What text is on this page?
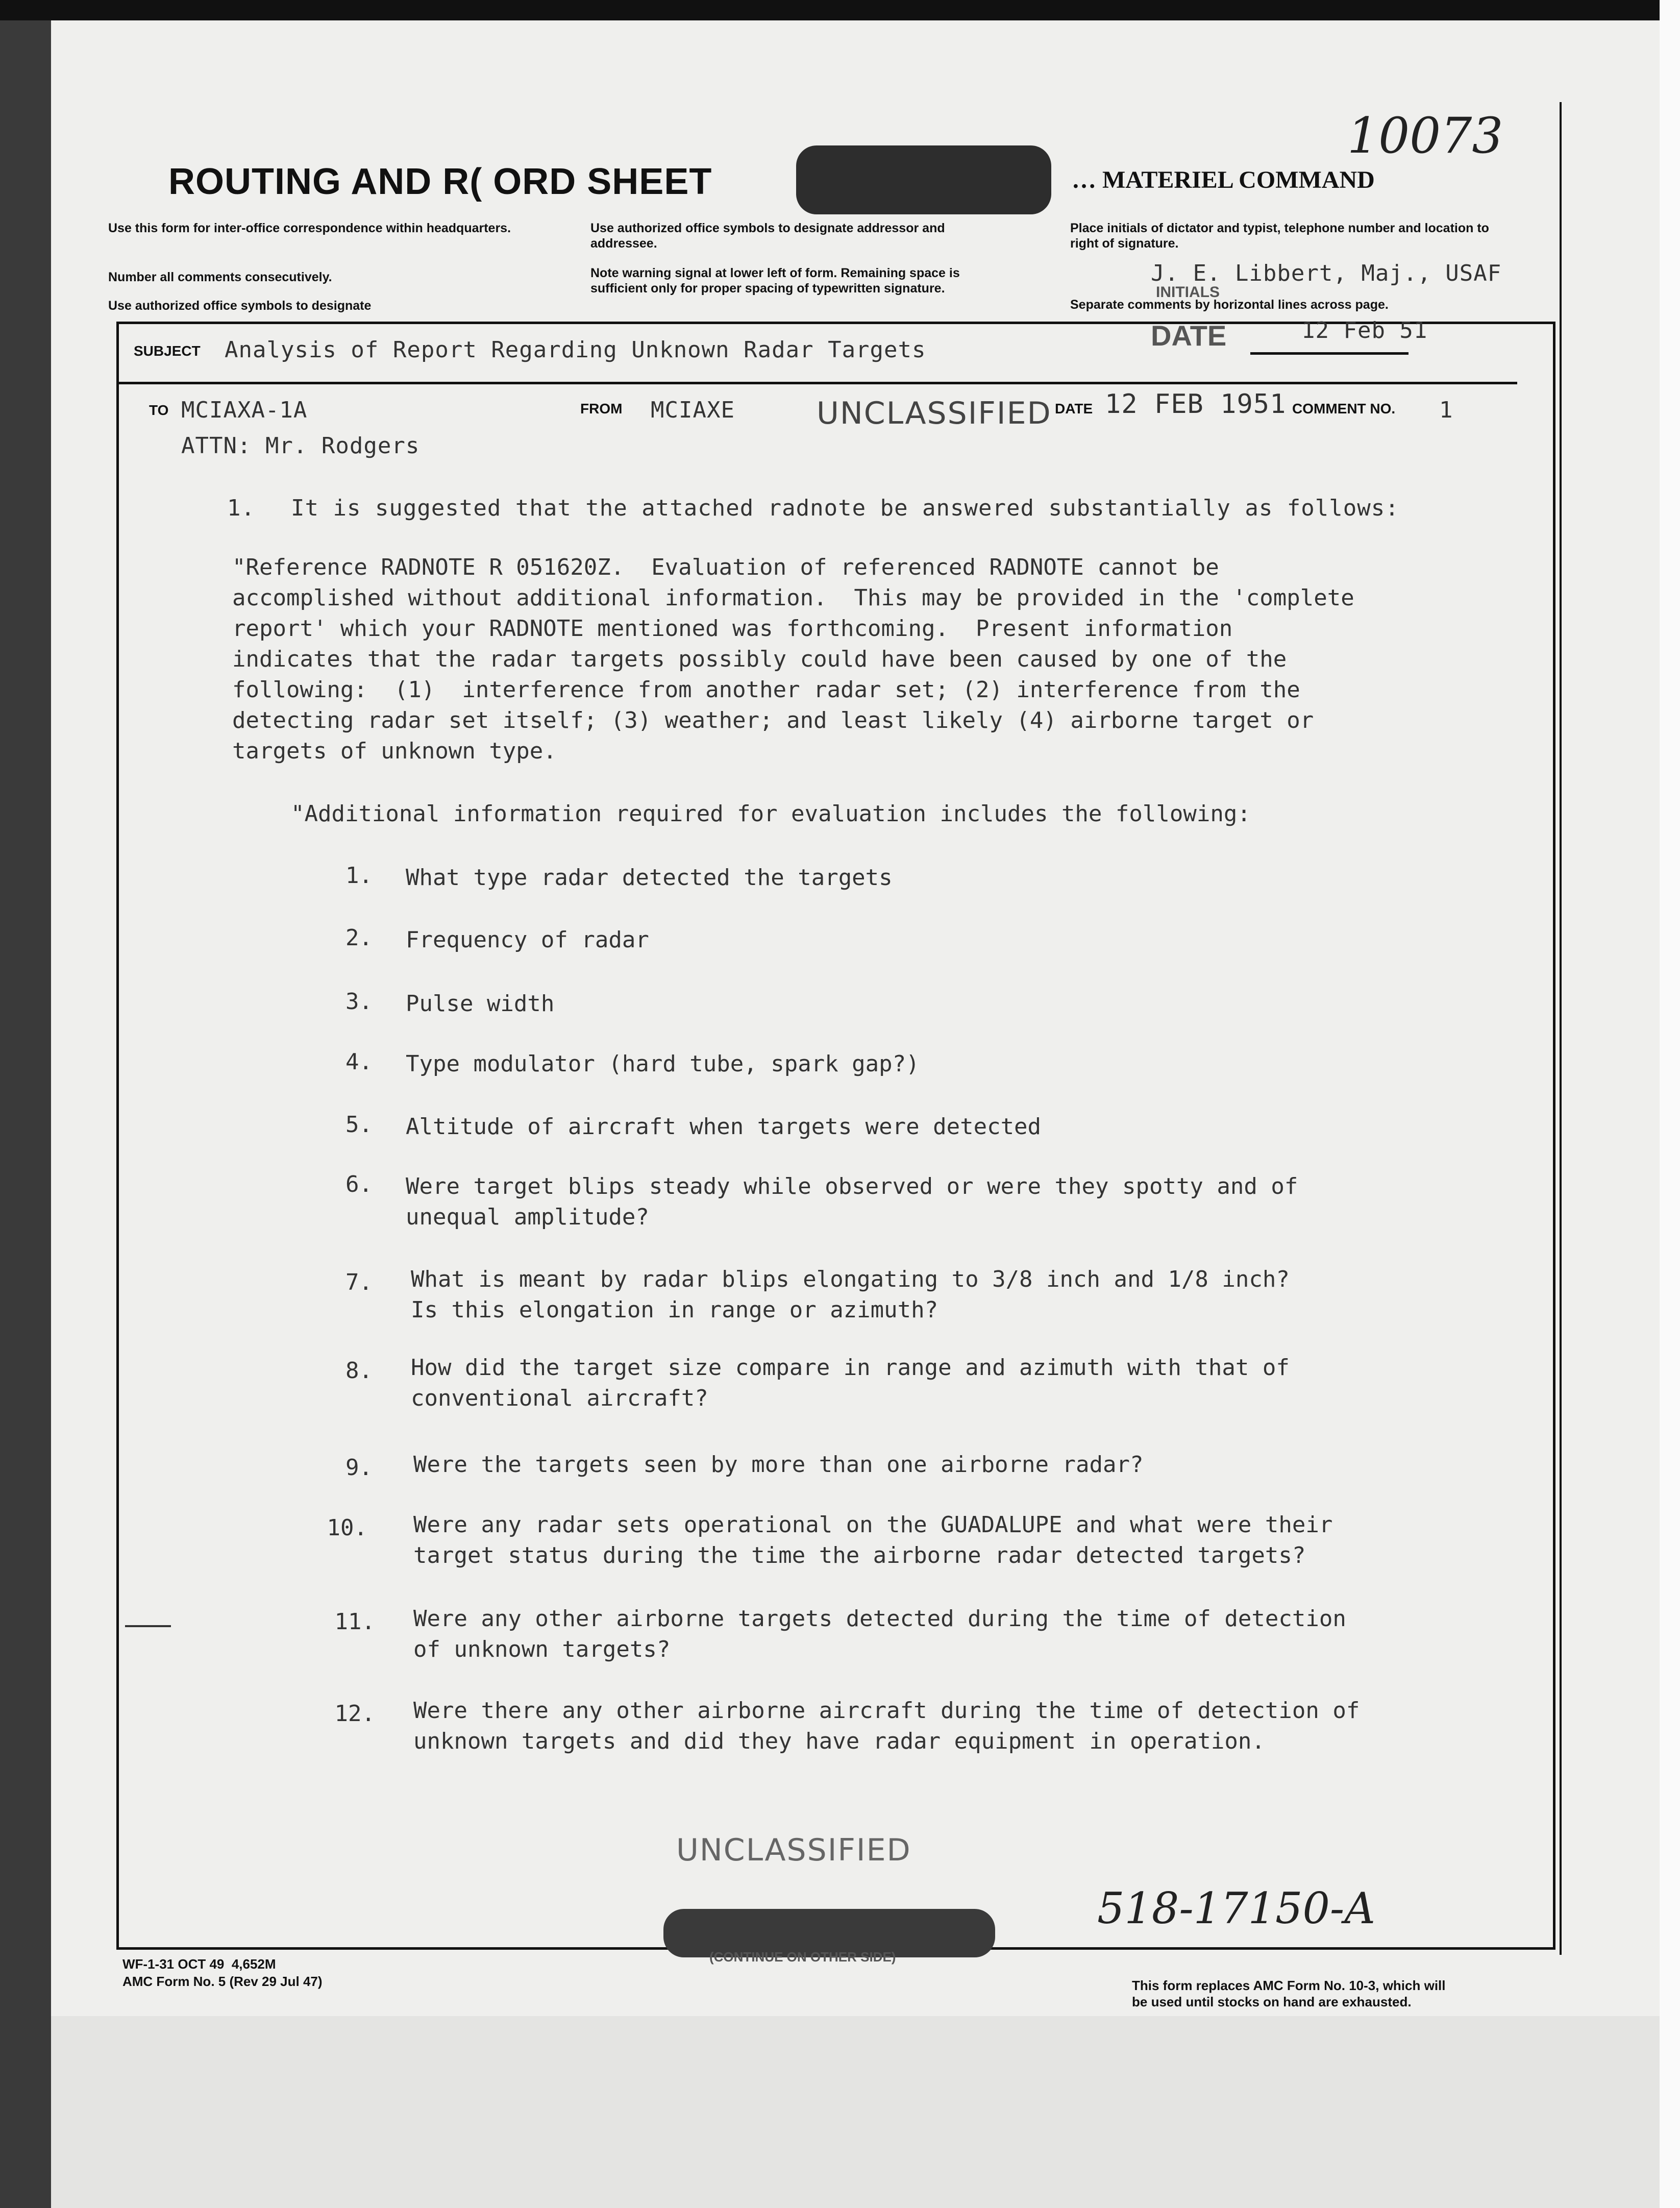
ROUTING AND R( ORD SHEET	… MATERIEL COMMAND
10073
Use this form for inter-office correspondence within headquarters.
Number all comments consecutively.
Use authorized office symbols to designate
Use authorized office symbols to designate addressor and addressee.
Note warning signal at lower left of form. Remaining space is sufficient only for proper spacing of typewritten signature.
Place initials of dictator and typist, telephone number and location to right of signature.
J. E. Libbert, Maj., USAF
INITIALS
Separate comments by horizontal lines across page.
DATE	12 Feb 51
SUBJECT Analysis of Report Regarding Unknown Radar Targets
TO MCIAXA-1A
ATTN: Mr. Rodgers
FROM MCIAXE	UNCLASSIFIED DATE 12 FEB 1951 COMMENT NO. 1
1. It is suggested that the attached radnote be answered substantially as follows:
"Reference RADNOTE R 051620Z.  Evaluation of referenced RADNOTE cannot be
accomplished without additional information.  This may be provided in the 'complete
report' which your RADNOTE mentioned was forthcoming.  Present information
indicates that the radar targets possibly could have been caused by one of the
following:  (1)  interference from another radar set; (2) interference from the
detecting radar set itself; (3) weather; and least likely (4) airborne target or
targets of unknown type.
"Additional information required for evaluation includes the following:
1. What type radar detected the targets
2. Frequency of radar
3. Pulse width
4. Type modulator (hard tube, spark gap?)
5. Altitude of aircraft when targets were detected
6. Were target blips steady while observed or were they spotty and of
unequal amplitude?
7. What is meant by radar blips elongating to 3/8 inch and 1/8 inch?
Is this elongation in range or azimuth?
8. How did the target size compare in range and azimuth with that of
conventional aircraft?
9. Were the targets seen by more than one airborne radar?
10. Were any radar sets operational on the GUADALUPE and what were their
target status during the time the airborne radar detected targets?
11. Were any other airborne targets detected during the time of detection
of unknown targets?
12. Were there any other airborne aircraft during the time of detection of
unknown targets and did they have radar equipment in operation.
UNCLASSIFIED
518-17150-A
(CONTINUE ON OTHER SIDE)
WF-1-31 OCT 49  4,652M
AMC Form No. 5 (Rev 29 Jul 47)	This form replaces AMC Form No. 10-3, which will
be used until stocks on hand are exhausted.
